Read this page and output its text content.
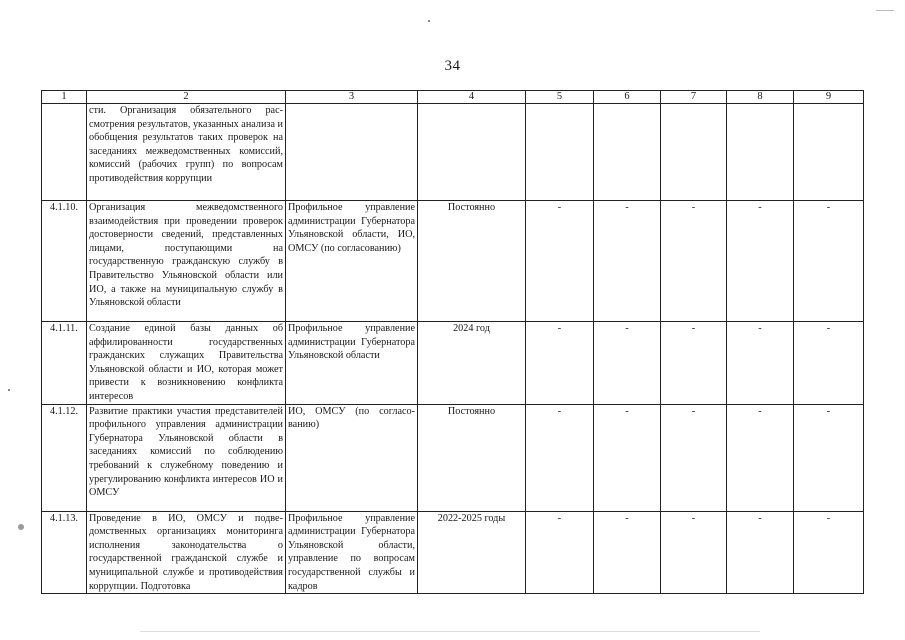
34
1	2	3	4	5	6	7	8	9
	сти. Организация обязательного рассмотрения результатов, указанных анализа и обобщения результатов таких проверок на заседаниях межведомственных комиссий, комиссий (рабочих групп) по вопросам противодействия коррупции							
4.1.10.	Организация межведомственного взаимодействия при проведении проверок достоверности сведений, представленных лицами, поступающими на государственную гражданскую службу в Правительство Ульяновской области или ИО, а также на муниципальную службу в Ульяновской области	Профильное управление администрации Губернатора Ульяновской области, ИО, ОМСУ (по согласованию)	Постоянно	-	-	-	-	-
4.1.11.	Создание единой базы данных об аффилированности государственных гражданских служащих Правительства Ульяновской области и ИО, которая может привести к возникновению конфликта интересов	Профильное управление администрации Губернатора Ульяновской области	2024 год	-	-	-	-	-
4.1.12.	Развитие практики участия представителей профильного управления администрации Губернатора Ульяновской области в заседаниях комиссий по соблюдению требований к служебному поведению и урегулированию конфликта интересов ИО и ОМСУ	ИО, ОМСУ (по согласованию)	Постоянно	-	-	-	-	-
4.1.13.	Проведение в ИО, ОМСУ и подведомственных организациях мониторинга исполнения законодательства о государственной гражданской службе и муниципальной службе и противодействия коррупции. Подготовка	Профильное управление администрации Губернатора Ульяновской области, управление по вопросам государственной службы и кадров	2022-2025 годы	-	-	-	-	-
